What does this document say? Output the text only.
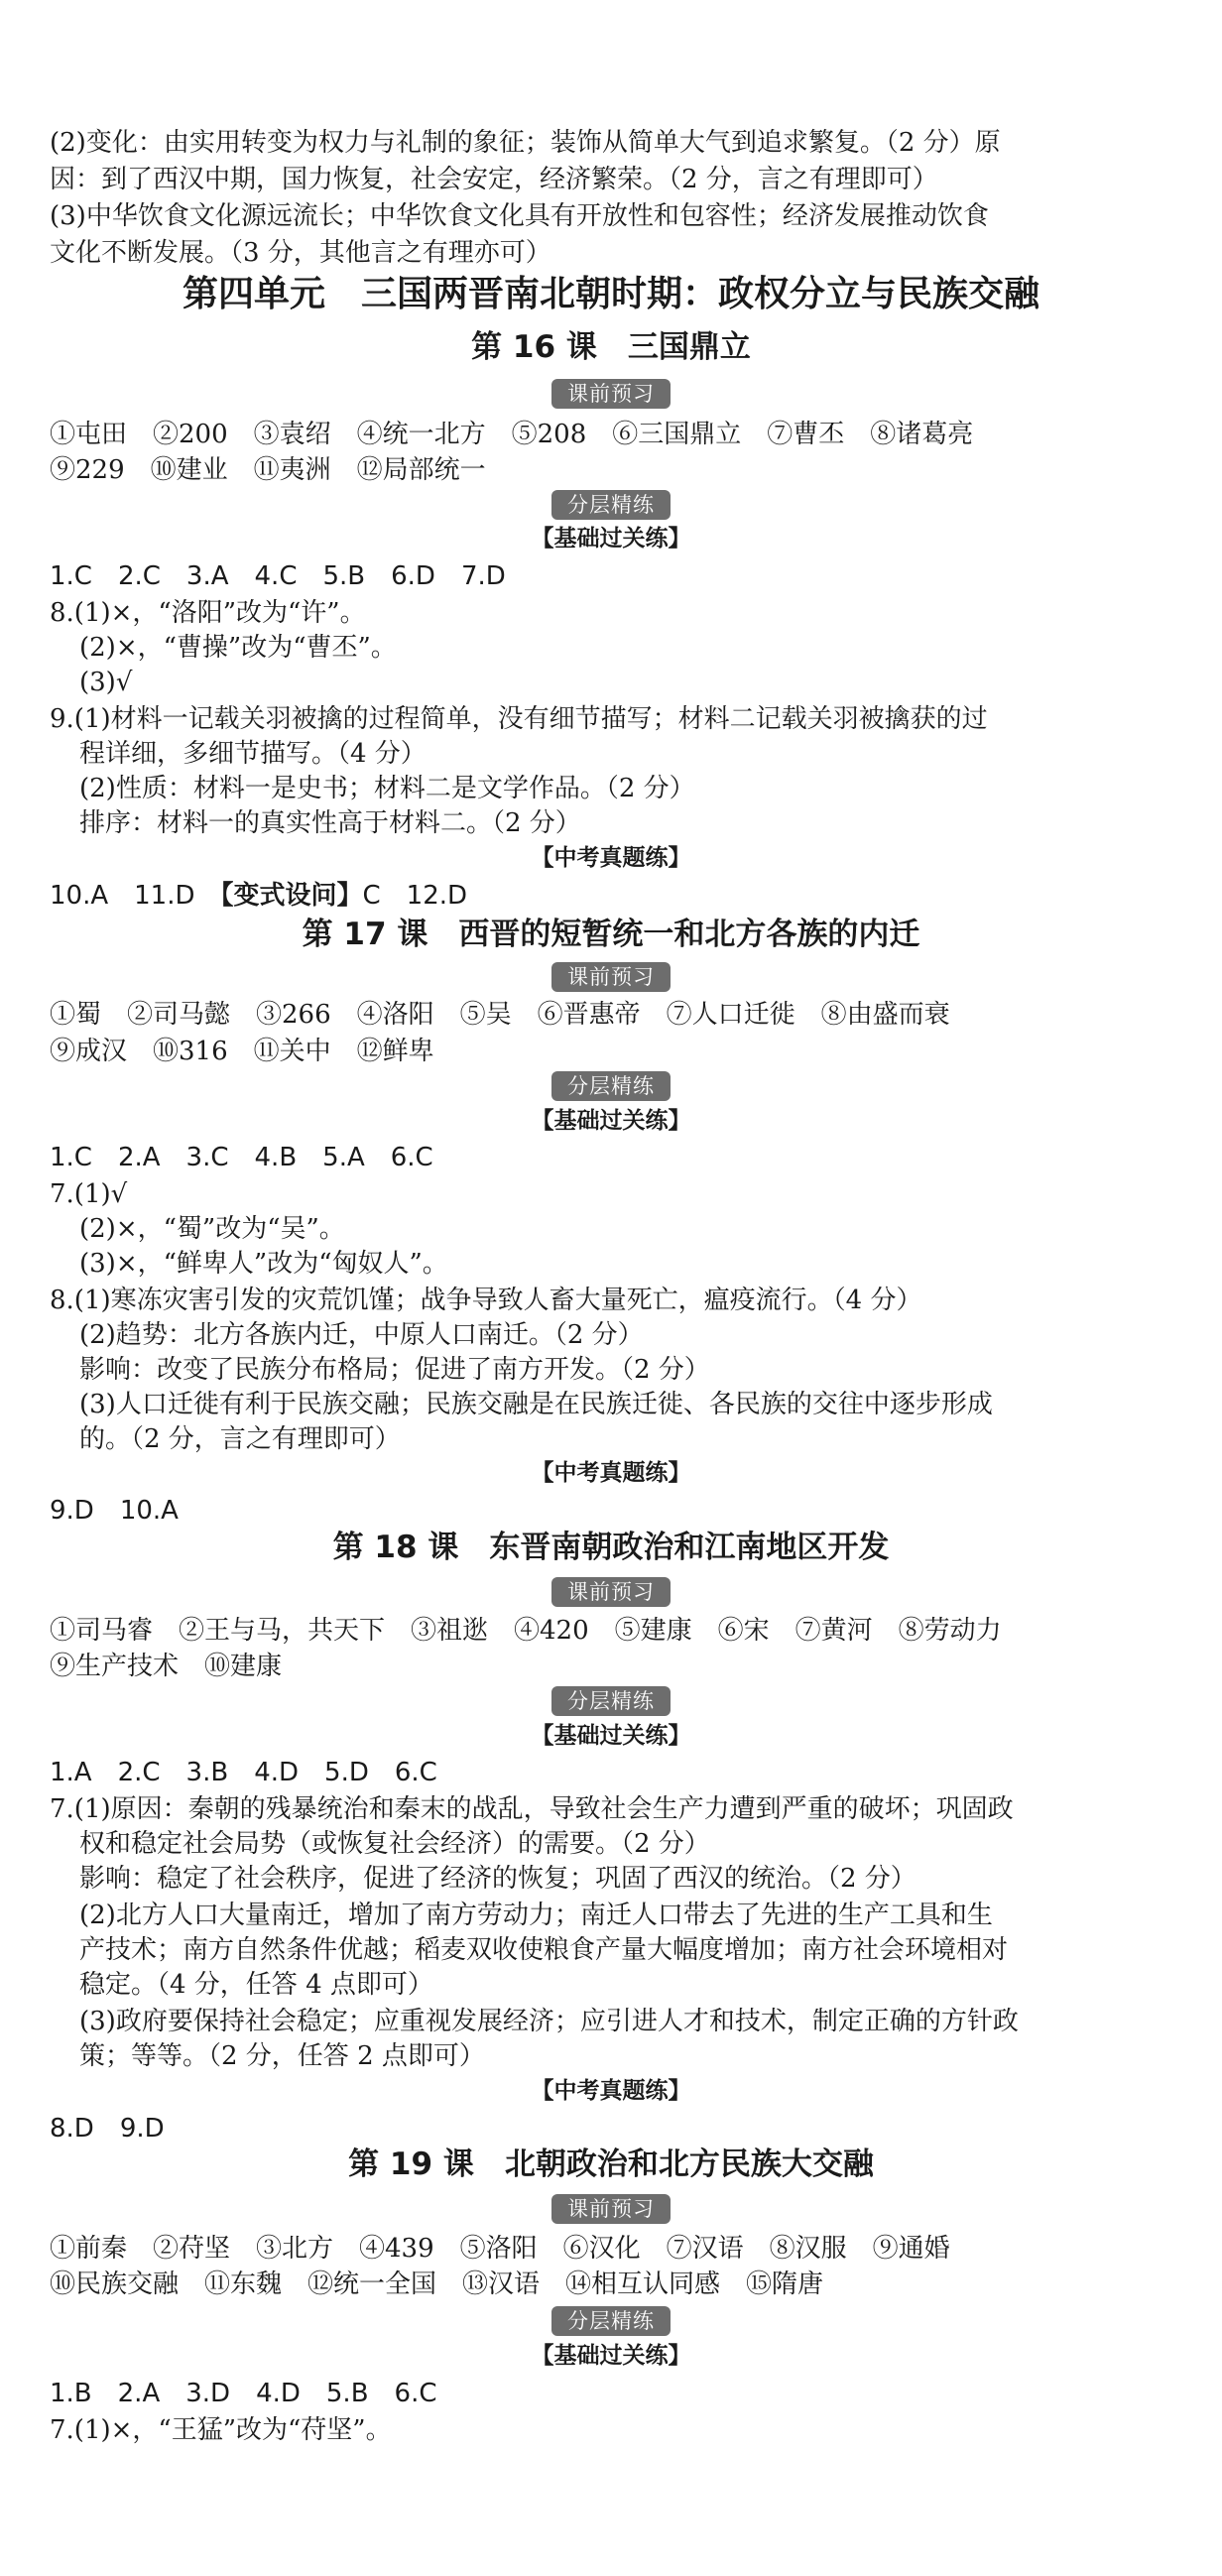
(2)变化：由实用转变为权力与礼制的象征；装饰从简单大气到追求繁复。（2 分）原
因：到了西汉中期，国力恢复，社会安定，经济繁荣。（2 分，言之有理即可）
(3)中华饮食文化源远流长；中华饮食文化具有开放性和包容性；经济发展推动饮食
文化不断发展。（3 分，其他言之有理亦可）
第四单元　三国两晋南北朝时期：政权分立与民族交融
第 16 课　三国鼎立
课前预习
①屯田　②200　③袁绍　④统一北方　⑤208　⑥三国鼎立　⑦曹丕　⑧诸葛亮
⑨229　⑩建业　⑪夷洲　⑫局部统一
分层精练
【基础过关练】
1.C　2.C　3.A　4.C　5.B　6.D　7.D
8.(1)×，“洛阳”改为“许”。
(2)×，“曹操”改为“曹丕”。
(3)√
9.(1)材料一记载关羽被擒的过程简单，没有细节描写；材料二记载关羽被擒获的过
程详细，多细节描写。（4 分）
(2)性质：材料一是史书；材料二是文学作品。（2 分）
排序：材料一的真实性高于材料二。（2 分）
【中考真题练】
10.A　11.D　【变式设问】C　12.D
第 17 课　西晋的短暂统一和北方各族的内迁
课前预习
①蜀　②司马懿　③266　④洛阳　⑤吴　⑥晋惠帝　⑦人口迁徙　⑧由盛而衰
⑨成汉　⑩316　⑪关中　⑫鲜卑
分层精练
【基础过关练】
1.C　2.A　3.C　4.B　5.A　6.C
7.(1)√
(2)×，“蜀”改为“吴”。
(3)×，“鲜卑人”改为“匈奴人”。
8.(1)寒冻灾害引发的灾荒饥馑；战争导致人畜大量死亡，瘟疫流行。（4 分）
(2)趋势：北方各族内迁，中原人口南迁。（2 分）
影响：改变了民族分布格局；促进了南方开发。（2 分）
(3)人口迁徙有利于民族交融；民族交融是在民族迁徙、各民族的交往中逐步形成
的。（2 分，言之有理即可）
【中考真题练】
9.D　10.A
第 18 课　东晋南朝政治和江南地区开发
课前预习
①司马睿　②王与马，共天下　③祖逖　④420　⑤建康　⑥宋　⑦黄河　⑧劳动力
⑨生产技术　⑩建康
分层精练
【基础过关练】
1.A　2.C　3.B　4.D　5.D　6.C
7.(1)原因：秦朝的残暴统治和秦末的战乱，导致社会生产力遭到严重的破坏；巩固政
权和稳定社会局势（或恢复社会经济）的需要。（2 分）
影响：稳定了社会秩序，促进了经济的恢复；巩固了西汉的统治。（2 分）
(2)北方人口大量南迁，增加了南方劳动力；南迁人口带去了先进的生产工具和生
产技术；南方自然条件优越；稻麦双收使粮食产量大幅度增加；南方社会环境相对
稳定。（4 分，任答 4 点即可）
(3)政府要保持社会稳定；应重视发展经济；应引进人才和技术，制定正确的方针政
策；等等。（2 分，任答 2 点即可）
【中考真题练】
8.D　9.D
第 19 课　北朝政治和北方民族大交融
课前预习
①前秦　②苻坚　③北方　④439　⑤洛阳　⑥汉化　⑦汉语　⑧汉服　⑨通婚
⑩民族交融　⑪东魏　⑫统一全国　⑬汉语　⑭相互认同感　⑮隋唐
分层精练
【基础过关练】
1.B　2.A　3.D　4.D　5.B　6.C
7.(1)×，“王猛”改为“苻坚”。
